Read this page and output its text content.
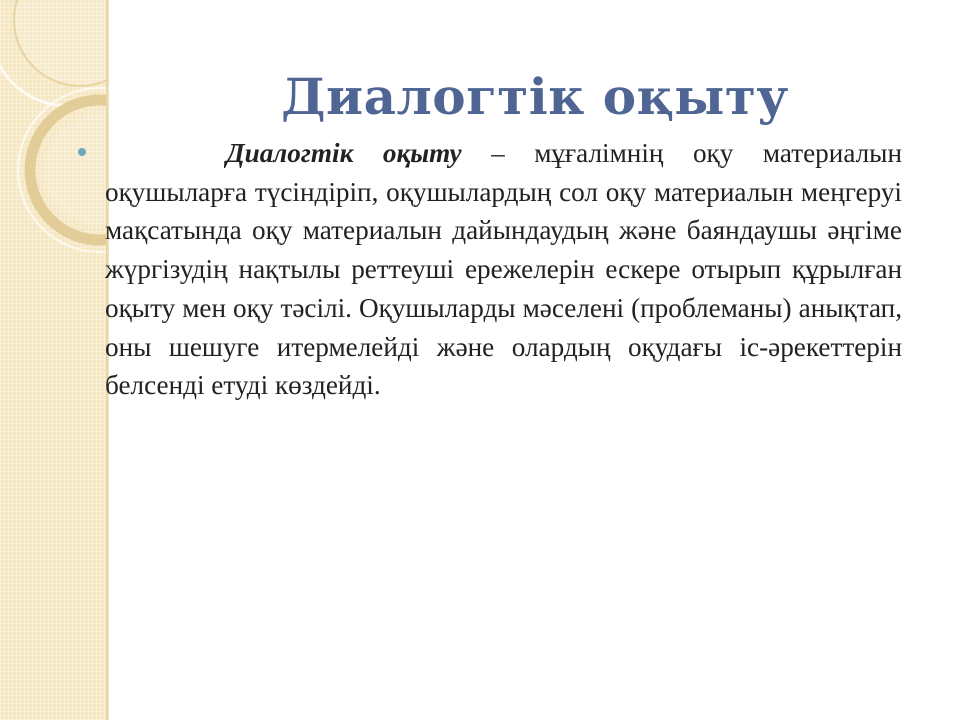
Диалогтік оқыту

Диалогтік оқыту – мұғалімнің оқу материалын оқушыларға түсіндіріп, оқушылардың сол оқу материалын меңгеруі мақсатында оқу материалын дайындаудың және баяндаушы әңгіме жүргізудің нақтылы реттеуші ережелерін ескере отырып құрылған оқыту мен оқу тәсілі. Оқушыларды мәселені (проблеманы) анықтап, оны шешуге итермелейді және олардың оқудағы іс-әрекеттерін белсенді етуді көздейді.
